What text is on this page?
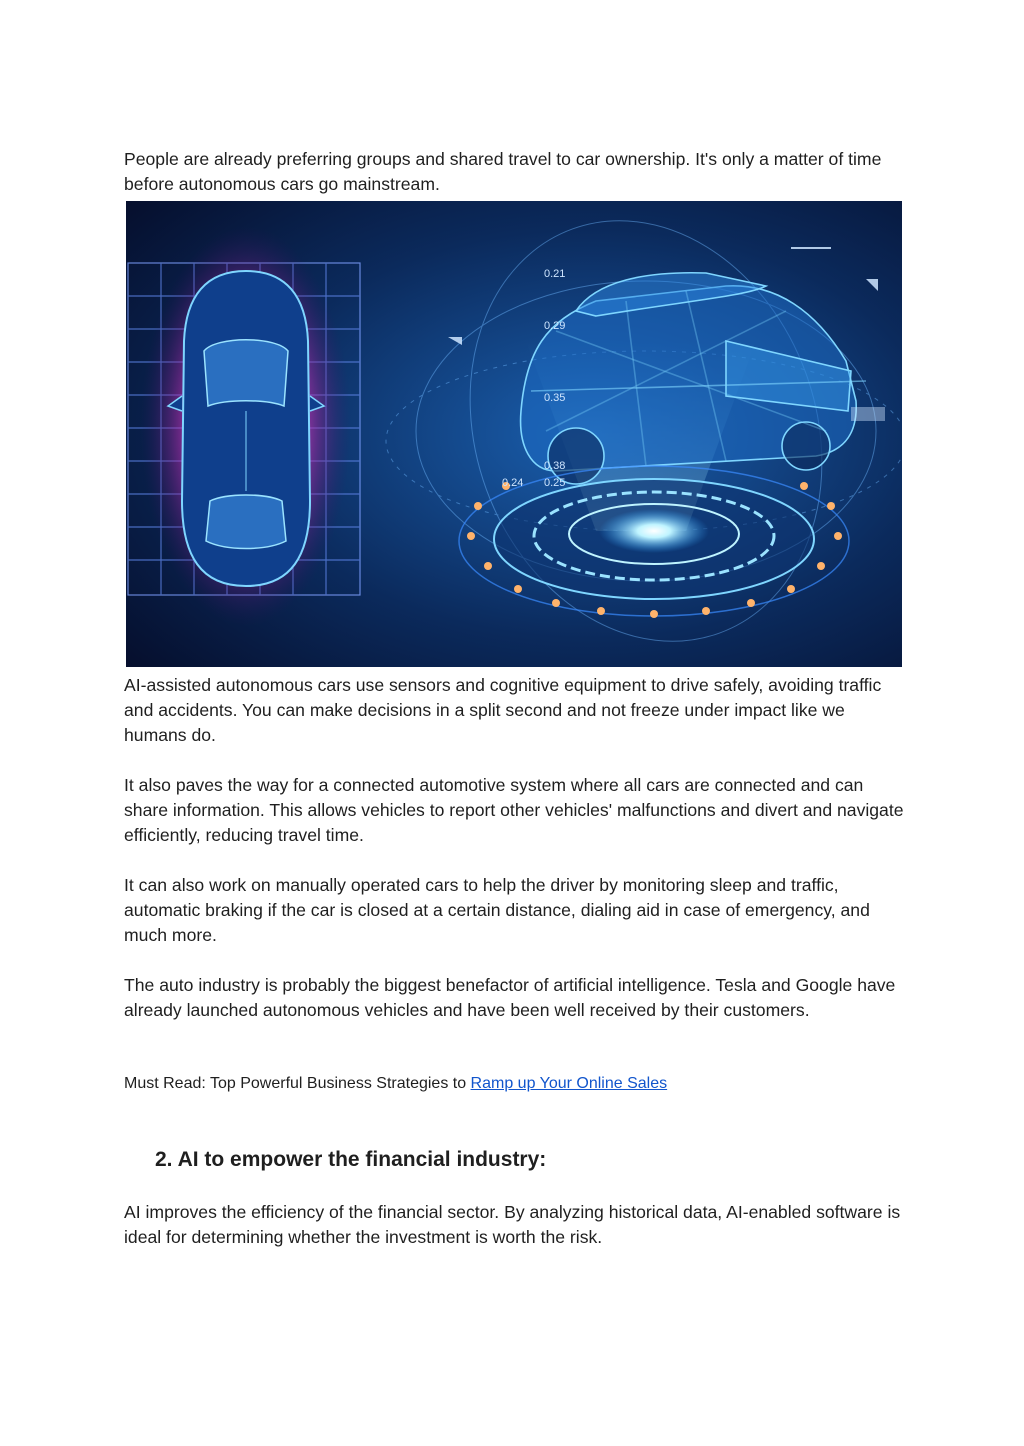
People are already preferring groups and shared travel to car ownership. It's only a matter of time before autonomous cars go mainstream.

0.21
0.29
0.35
0.38
0.24 0.25

AI-assisted autonomous cars use sensors and cognitive equipment to drive safely, avoiding traffic and accidents. You can make decisions in a split second and not freeze under impact like we humans do.

It also paves the way for a connected automotive system where all cars are connected and can share information. This allows vehicles to report other vehicles' malfunctions and divert and navigate efficiently, reducing travel time.

It can also work on manually operated cars to help the driver by monitoring sleep and traffic, automatic braking if the car is closed at a certain distance, dialing aid in case of emergency, and much more.

The auto industry is probably the biggest benefactor of artificial intelligence. Tesla and Google have already launched autonomous vehicles and have been well received by their customers.

Must Read: Top Powerful Business Strategies to Ramp up Your Online Sales

2. AI to empower the financial industry:

AI improves the efficiency of the financial sector. By analyzing historical data, AI-enabled software is ideal for determining whether the investment is worth the risk.
